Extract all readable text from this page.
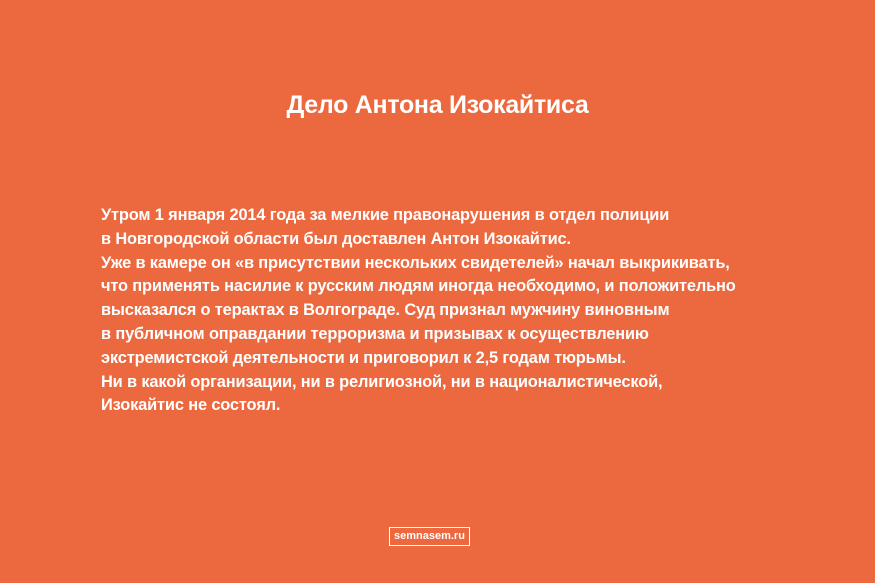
Дело Антона Изокайтиса
Утром 1 января 2014 года за мелкие правонарушения в отдел полиции
в Новгородской области был доставлен Антон Изокайтис.
Уже в камере он «в присутствии нескольких свидетелей» начал выкрикивать,
что применять насилие к русским людям иногда необходимо, и положительно
высказался о терактах в Волгограде. Суд признал мужчину виновным
в публичном оправдании терроризма и призывах к осуществлению
экстремистской деятельности и приговорил к 2,5 годам тюрьмы.
Ни в какой организации, ни в религиозной, ни в националистической,
Изокайтис не состоял.
semnasem.ru
